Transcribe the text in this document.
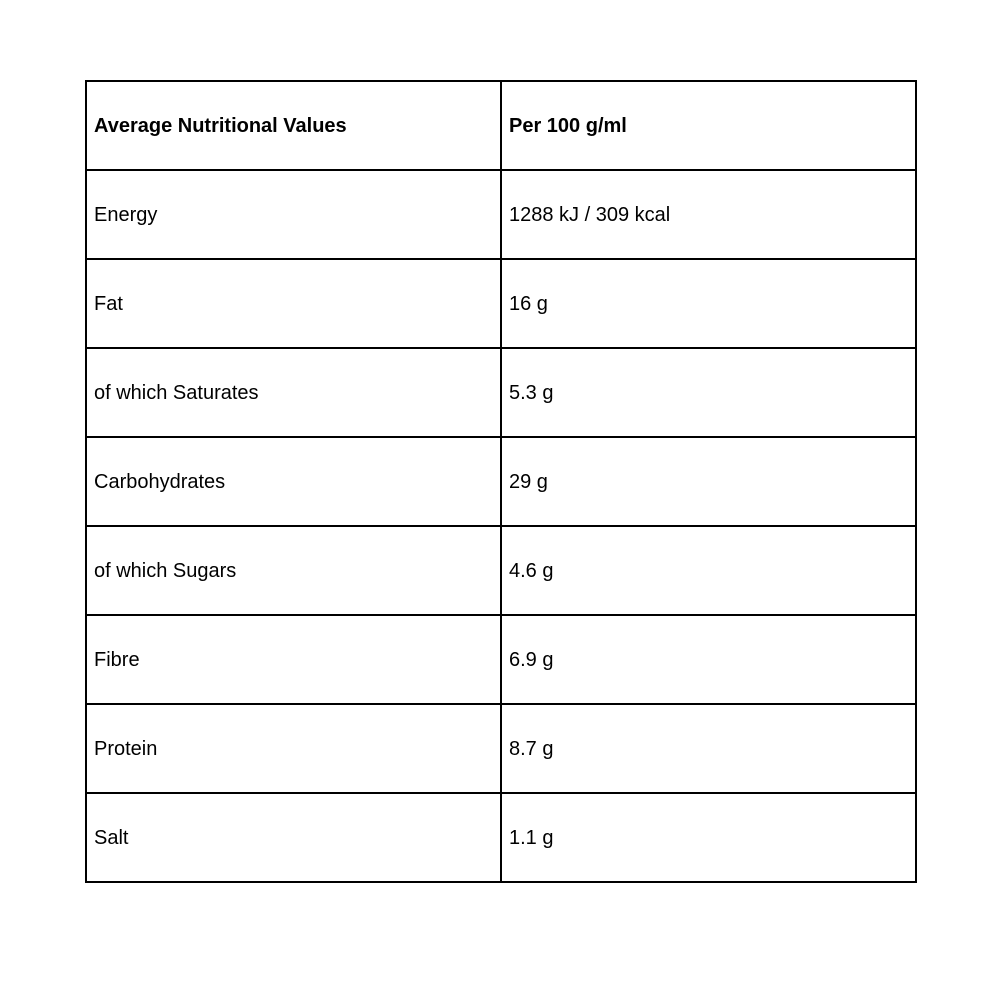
Average Nutritional Values	Per 100 g/ml
Energy	1288 kJ / 309 kcal
Fat	16 g
of which Saturates	5.3 g
Carbohydrates	29 g
of which Sugars	4.6 g
Fibre	6.9 g
Protein	8.7 g
Salt	1.1 g
